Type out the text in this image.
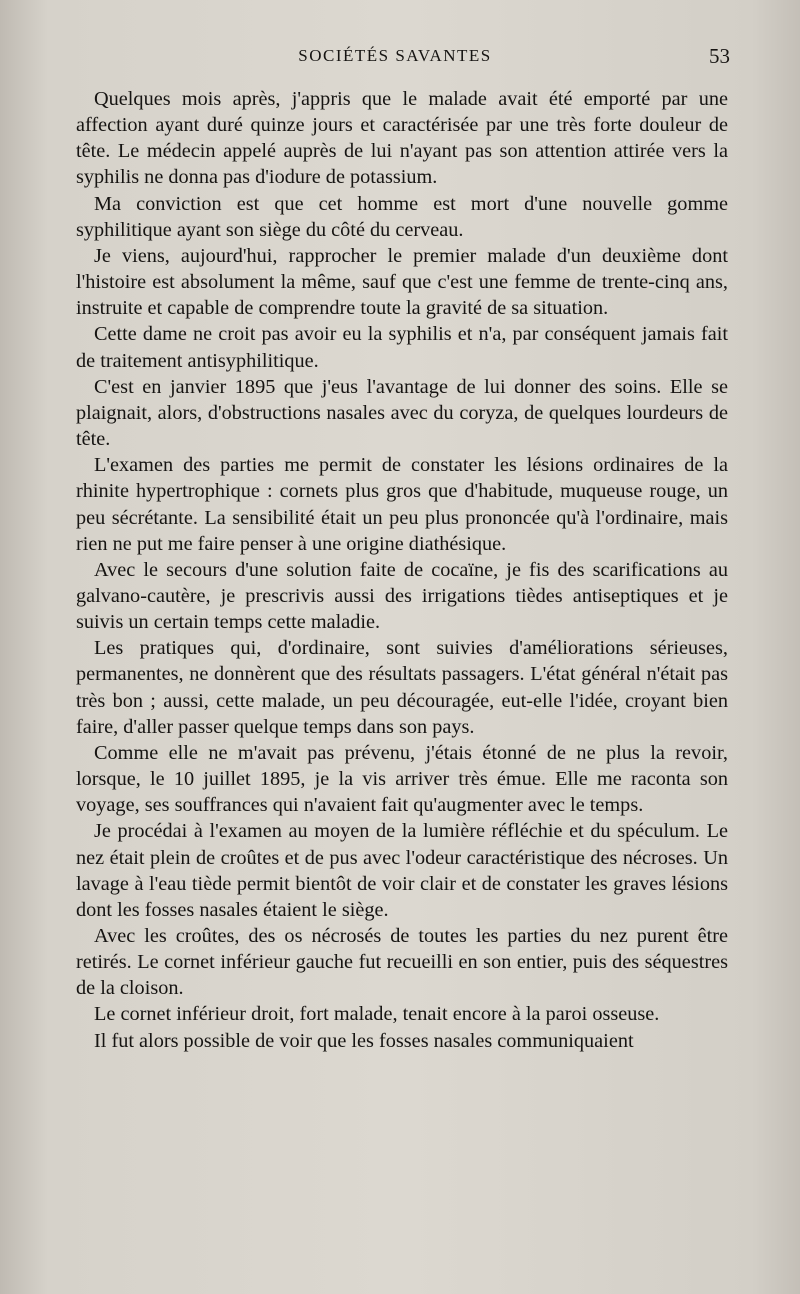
SOCIÉTÉS SAVANTES	53

Quelques mois après, j'appris que le malade avait été emporté par une affection ayant duré quinze jours et caractérisée par une très forte douleur de tête. Le médecin appelé auprès de lui n'ayant pas son attention attirée vers la syphilis ne donna pas d'iodure de potassium.

Ma conviction est que cet homme est mort d'une nouvelle gomme syphilitique ayant son siège du côté du cerveau.

Je viens, aujourd'hui, rapprocher le premier malade d'un deuxième dont l'histoire est absolument la même, sauf que c'est une femme de trente-cinq ans, instruite et capable de comprendre toute la gravité de sa situation.

Cette dame ne croit pas avoir eu la syphilis et n'a, par conséquent jamais fait de traitement antisyphilitique.

C'est en janvier 1895 que j'eus l'avantage de lui donner des soins. Elle se plaignait, alors, d'obstructions nasales avec du coryza, de quelques lourdeurs de tête.

L'examen des parties me permit de constater les lésions ordinaires de la rhinite hypertrophique : cornets plus gros que d'habitude, muqueuse rouge, un peu sécrétante. La sensibilité était un peu plus prononcée qu'à l'ordinaire, mais rien ne put me faire penser à une origine diathésique.

Avec le secours d'une solution faite de cocaïne, je fis des scarifications au galvano-cautère, je prescrivis aussi des irrigations tièdes antiseptiques et je suivis un certain temps cette maladie.

Les pratiques qui, d'ordinaire, sont suivies d'améliorations sérieuses, permanentes, ne donnèrent que des résultats passagers. L'état général n'était pas très bon ; aussi, cette malade, un peu découragée, eut-elle l'idée, croyant bien faire, d'aller passer quelque temps dans son pays.

Comme elle ne m'avait pas prévenu, j'étais étonné de ne plus la revoir, lorsque, le 10 juillet 1895, je la vis arriver très émue. Elle me raconta son voyage, ses souffrances qui n'avaient fait qu'augmenter avec le temps.

Je procédai à l'examen au moyen de la lumière réfléchie et du spéculum. Le nez était plein de croûtes et de pus avec l'odeur caractéristique des nécroses. Un lavage à l'eau tiède permit bientôt de voir clair et de constater les graves lésions dont les fosses nasales étaient le siège.

Avec les croûtes, des os nécrosés de toutes les parties du nez purent être retirés. Le cornet inférieur gauche fut recueilli en son entier, puis des séquestres de la cloison.

Le cornet inférieur droit, fort malade, tenait encore à la paroi osseuse.

Il fut alors possible de voir que les fosses nasales communiquaient
